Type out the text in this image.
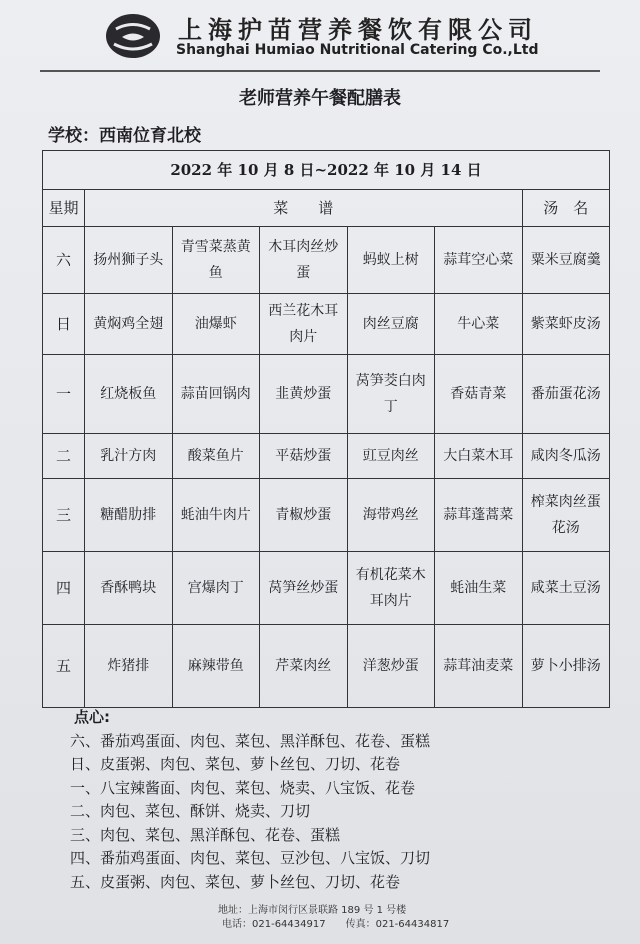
上海护苗营养餐饮有限公司
Shanghai Humiao Nutritional Catering Co.,Ltd
老师营养午餐配膳表
学校：西南位育北校
2022 年 10 月 8 日~2022 年 10 月 14 日						
星期	菜　　谱					汤　名
六	扬州狮子头	青雪菜蒸黄鱼	木耳肉丝炒蛋	蚂蚁上树	蒜茸空心菜	粟米豆腐羹
日	黄焖鸡全翅	油爆虾	西兰花木耳肉片	肉丝豆腐	牛心菜	紫菜虾皮汤
一	红烧板鱼	蒜苗回锅肉	韭黄炒蛋	莴笋茭白肉丁	香菇青菜	番茄蛋花汤
二	乳汁方肉	酸菜鱼片	平菇炒蛋	豇豆肉丝	大白菜木耳	咸肉冬瓜汤
三	糖醋肋排	蚝油牛肉片	青椒炒蛋	海带鸡丝	蒜茸蓬蒿菜	榨菜肉丝蛋花汤
四	香酥鸭块	宫爆肉丁	莴笋丝炒蛋	有机花菜木耳肉片	蚝油生菜	咸菜土豆汤
五	炸猪排	麻辣带鱼	芹菜肉丝	洋葱炒蛋	蒜茸油麦菜	萝卜小排汤
点心:
六、番茄鸡蛋面、肉包、菜包、黑洋酥包、花卷、蛋糕
日、皮蛋粥、肉包、菜包、萝卜丝包、刀切、花卷
一、八宝辣酱面、肉包、菜包、烧卖、八宝饭、花卷
二、肉包、菜包、酥饼、烧卖、刀切
三、肉包、菜包、黑洋酥包、花卷、蛋糕
四、番茄鸡蛋面、肉包、菜包、豆沙包、八宝饭、刀切
五、皮蛋粥、肉包、菜包、萝卜丝包、刀切、花卷
地址：上海市闵行区景联路 189 号 1 号楼
电话：021-64434917　　传真：021-64434817
